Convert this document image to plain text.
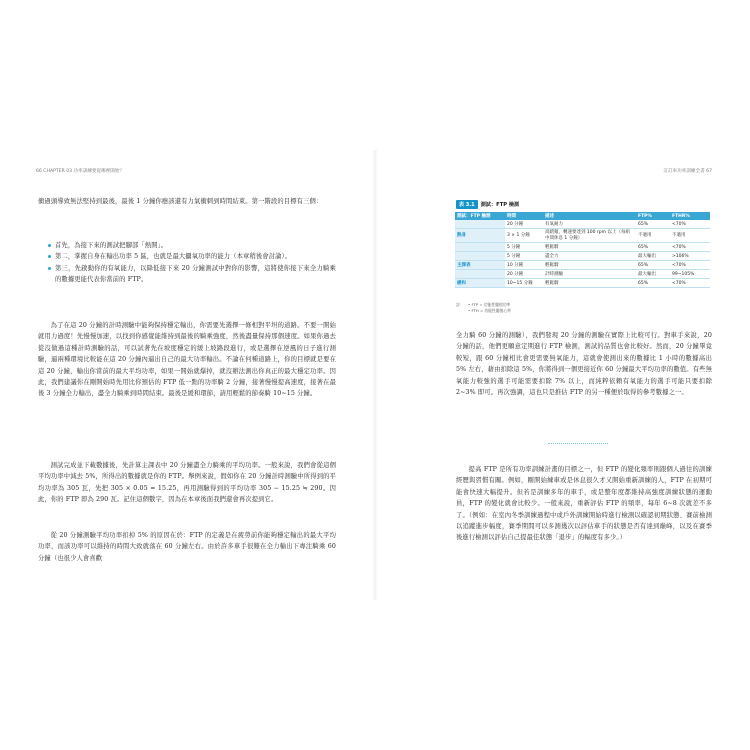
66 CHAPTER 03 功率訓練要從哪裡開始？	訂訂車功率訓練全書 67

衝過頭導致無法堅持到最後，最後 1 分鐘你應該還有力氣衝刺到時間結束。第一階段的目標有三個：

首先，為接下來的測試把腳部「熱開」。
第二，掌握自身在輸出功率 5 區，也就是最大攝氧功率的能力（本章稍後會討論）。
第三，先啟動你的有氧能力，以降低接下來 20 分鐘測試中對你的影響，這將使你接下來全力騎乘的數據更能代表你當前的 FTP。

為了在這 20 分鐘的計時測驗中能夠保持穩定輸出，你需要先選擇一條相對平坦的道路。不要一開始就用力過度！先慢慢加速，以找到你感覺能維持到最後的騎乘強度，然後盡量保持那個速度。如果你過去從沒做過這種計時測驗的話，可以試著先在坡度穩定的緩上坡路段進行，或是選擇在逆風的日子進行測驗，逼兩種環境比較能在這 20 分鐘內逼出自己的最大功率輸出。不論在何種道路上，你的目標就是要在這 20 分鐘，輸出你當前的最大平均功率，如果一開始就爆掉，就沒辦法測出你真正的最大穩定功率。因此，我們建議你在剛開始時先用比你預估的 FTP 低一點的功率騎 2 分鐘，接著慢慢提高速度，接著在最後 3 分鐘全力輸出，盡全力騎乘到時間結束。最後是緩和環節，請用輕鬆的節奏騎 10~15 分鐘。

測試完成並下載數據後，先計算主課表中 20 分鐘盡全力騎乘的平均功率。一般來說，我們會從這個平均功率中減去 5%，所得出的數據就是你的 FTP。舉例來說，假如你在 20 分鐘計時測驗中所得到的平均功率為 305 瓦，先把 305 × 0.05 = 15.25，再用測驗得到的平均功率 305 − 15.25 ≒ 290。因此，你的 FTP 即為 290 瓦。記住這個數字，因為在本章後面我們還會再次提到它。

從 20 分鐘測驗平均功率扣掉 5% 的原因在於：FTP 的定義是在疲勞前你能夠穩定輸出的最大平均功率，而該功率可以維持的時間大致就落在 60 分鐘左右。由於許多車手很難在全力輸出下專注騎乘 60 分鐘（也很少人會喜歡

表 3.1	測試：FTP 檢測
測試：FTP 檢測	時間	描述	FTP%	FTHR%
	20 分鐘	有氧耐力	65%	<70%
熱身	3 × 1 分鐘	高踏頻，轉速要達到 100 rpm 以上（每組中間休息 1 分鐘）	不適用	不適用
	5 分鐘	輕鬆騎	65%	<70%
	5 分鐘	盡全力	最大輸出	>106%
主課表	10 分鐘	輕鬆騎	65%	<70%
	20 分鐘	計時測驗	最大輸出	99~105%
緩和	10~15 分鐘	輕鬆騎	65%	<70%
註： • FTP = 功能性閾值功率
• FTH = 功能性閾值心率

全力騎 60 分鐘的測驗），我們發現 20 分鐘的測驗在實際上比較可行。對車手來說，20 分鐘的話，他們更願意定期進行 FTP 檢測，測試的品質也會比較好。然而，20 分鐘畢竟較短，跟 60 分鐘相比會更需要無氧能力，這就會使測出來的數據比 1 小時的數據高出 5% 左右，藉由扣除這 5%，你將得到一個更接近你 60 分鐘最大平均功率的數值。有些無氧能力較強的選手可能需要扣除 7% 以上，而純粹依賴有氧能力的選手可能只要扣除 2~3% 即可。再次強調，這也只是推估 FTP 的另一種便於取得的參考數據之一。

提高 FTP 是所有功率訓練計畫的目標之一，但 FTP 的變化頻率則跟個人過往的訓練經歷與習慣有關。例如，剛開始練車或是休息很久才又開始重新訓練的人，FTP 在初期可能會快速大幅提升。但若是訓練多年的車手，或是整年度都維持高強度訓練狀態的運動員，FTP 的變化就會比較少。一般來說，重新評估 FTP 的頻率，每年 6~8 次就差不多了。（例如：在室內冬季訓練過程中或戶外訓練開始時進行檢測以確認初期狀態、賽前檢測以追蹤進步幅度，賽季期間可以多測幾次以評估車手的狀態是否有達到巔峰，以及在賽季後進行檢測以評估自己提最佳狀態「退步」的幅度有多少。）
